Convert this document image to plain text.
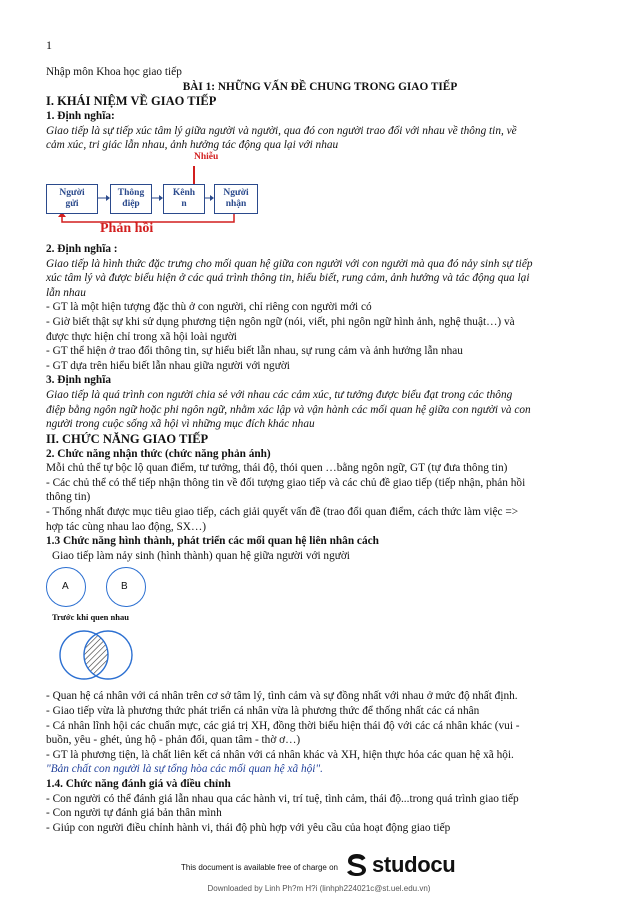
1
Nhập môn Khoa học giao tiếp
BÀI 1: NHỮNG VẤN ĐỀ CHUNG TRONG GIAO TIẾP
I. KHÁI NIỆM VỀ GIAO TIẾP
1. Định nghĩa:
Giao tiếp là sự tiếp xúc tâm lý giữa người và người, qua đó con người trao đổi với nhau về thông tin, về
cảm xúc, tri giác lẫn nhau, ảnh hưởng tác động qua lại với nhau
Nhiễu
Người
gửi
Thông
điệp
Kênh
n
Người
nhận
Phản hồi
2. Định nghĩa :
Giao tiếp là hình thức đặc trưng cho mối quan hệ giữa con người với con người mà qua đó nảy sinh sự tiếp
xúc tâm lý và được biểu hiện ở các quá trình thông tin, hiểu biết, rung cảm, ảnh hưởng và tác động qua lại
lẫn nhau
- GT là một hiện tượng đặc thù ở con người, chỉ riêng con người mới có
- Giờ biết thật sự khi sử dụng phương tiện ngôn ngữ (nói, viết, phi ngôn ngữ hình ảnh, nghệ thuật…) và
được thực hiện chỉ trong xã hội loài người
- GT thể hiện ở trao đổi thông tin, sự hiểu biết lẫn nhau, sự rung cảm và ảnh hưởng lẫn nhau
- GT dựa trên hiểu biết lẫn nhau giữa người với người
3. Định nghĩa
Giao tiếp là quá trình con người chia sẻ với nhau các cảm xúc, tư tưởng được biểu đạt trong các thông
điệp bằng ngôn ngữ hoặc phi ngôn ngữ, nhằm xác lập và vận hành các mối quan hệ giữa con người và con
người trong cuộc sống xã hội vì những mục đích khác nhau
II. CHỨC NĂNG GIAO TIẾP
2. Chức năng nhận thức (chức năng phản ánh)
Mỗi chủ thể tự bộc lộ quan điểm, tư tưởng, thái độ, thói quen …bằng ngôn ngữ, GT (tự đưa thông tin)
- Các chủ thể có thể tiếp nhận thông tin về đối tượng giao tiếp và các chủ đề giao tiếp (tiếp nhận, phản hồi
thông tin)
- Thống nhất được mục tiêu giao tiếp, cách giải quyết vấn đề (trao đổi quan điểm, cách thức làm việc =>
hợp tác cùng nhau lao động, SX…)
1.3 Chức năng hình thành, phát triển các mối quan hệ liên nhân cách
Giao tiếp làm nảy sinh (hình thành) quan hệ giữa người với người
A	B
Trước khi quen nhau
- Quan hệ cá nhân với cá nhân trên cơ sở tâm lý, tình cảm và sự đồng nhất với nhau ở mức độ nhất định.
- Giao tiếp vừa là phương thức phát triển cá nhân vừa là phương thức để thống nhất các cá nhân
- Cá nhân lĩnh hội các chuẩn mực, các giá trị XH, đồng thời biểu hiện thái độ với các cá nhân khác (vui -
buồn, yêu - ghét, ủng hộ - phản đối, quan tâm - thờ ơ…)
- GT là phương tiện, là chất liên kết cá nhân với cá nhân khác và XH, hiện thực hóa các quan hệ xã hội.
"Bản chất con người là sự tổng hòa các mối quan hệ xã hội".
1.4. Chức năng đánh giá và điều chỉnh
- Con người có thể đánh giá lẫn nhau qua các hành vi, trí tuệ, tình cảm, thái độ...trong quá trình giao tiếp
- Con người tự đánh giá bản thân mình
- Giúp con người điều chỉnh hành vi, thái độ phù hợp với yêu cầu của hoạt động giao tiếp
This document is available free of charge on studocu
Downloaded by Linh Ph?m H?i (linhph224021c@st.uel.edu.vn)
